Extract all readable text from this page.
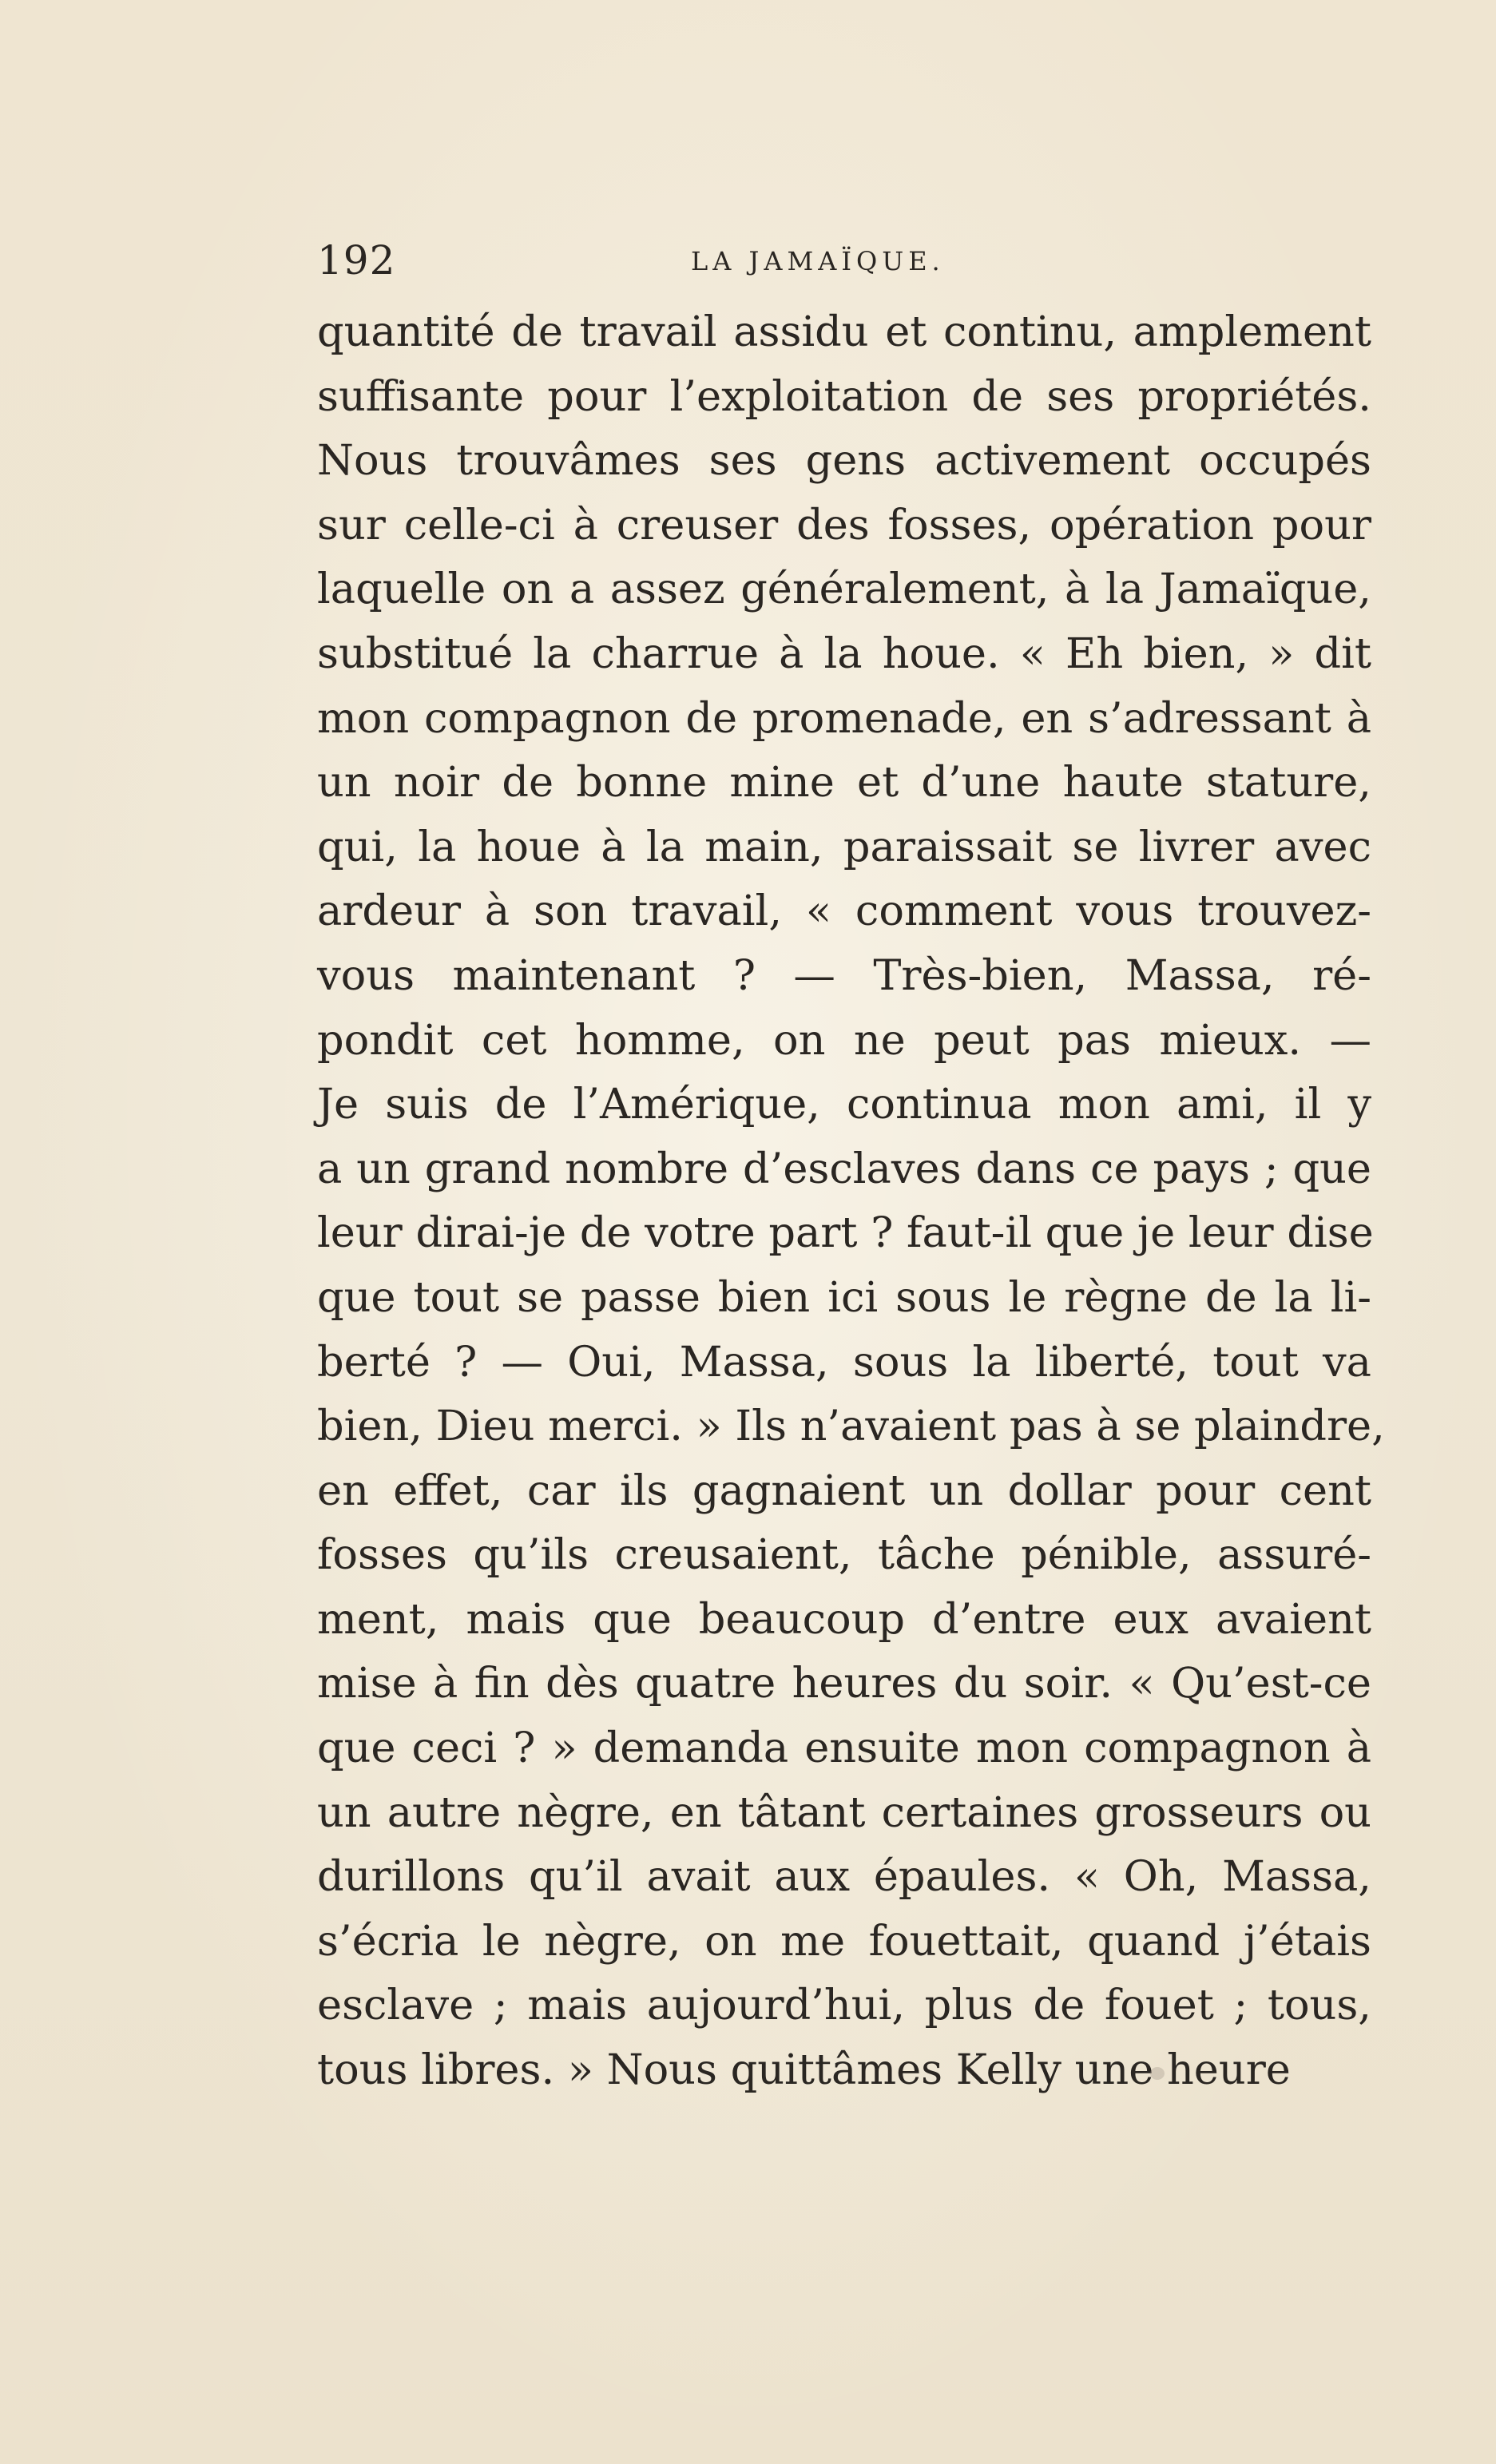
192	LA JAMAÏQUE.
quantité de travail assidu et continu, amplement
suffisante pour l’exploitation de ses propriétés.
Nous trouvâmes ses gens activement occupés
sur celle-ci à creuser des fosses, opération pour
laquelle on a assez généralement, à la Jamaïque,
substitué la charrue à la houe. « Eh bien, » dit
mon compagnon de promenade, en s’adressant à
un noir de bonne mine et d’une haute stature,
qui, la houe à la main, paraissait se livrer avec
ardeur à son travail, « comment vous trouvez-
vous maintenant ? — Très-bien, Massa, ré-
pondit cet homme, on ne peut pas mieux. —
Je suis de l’Amérique, continua mon ami, il y
a un grand nombre d’esclaves dans ce pays ; que
leur dirai-je de votre part ? faut-il que je leur dise
que tout se passe bien ici sous le règne de la li-
berté ? — Oui, Massa, sous la liberté, tout va
bien, Dieu merci. » Ils n’avaient pas à se plaindre,
en effet, car ils gagnaient un dollar pour cent
fosses qu’ils creusaient, tâche pénible, assuré-
ment, mais que beaucoup d’entre eux avaient
mise à fin dès quatre heures du soir. « Qu’est-ce
que ceci ? » demanda ensuite mon compagnon à
un autre nègre, en tâtant certaines grosseurs ou
durillons qu’il avait aux épaules. « Oh, Massa,
s’écria le nègre, on me fouettait, quand j’étais
esclave ; mais aujourd’hui, plus de fouet ; tous,
tous libres. » Nous quittâmes Kelly une heure
